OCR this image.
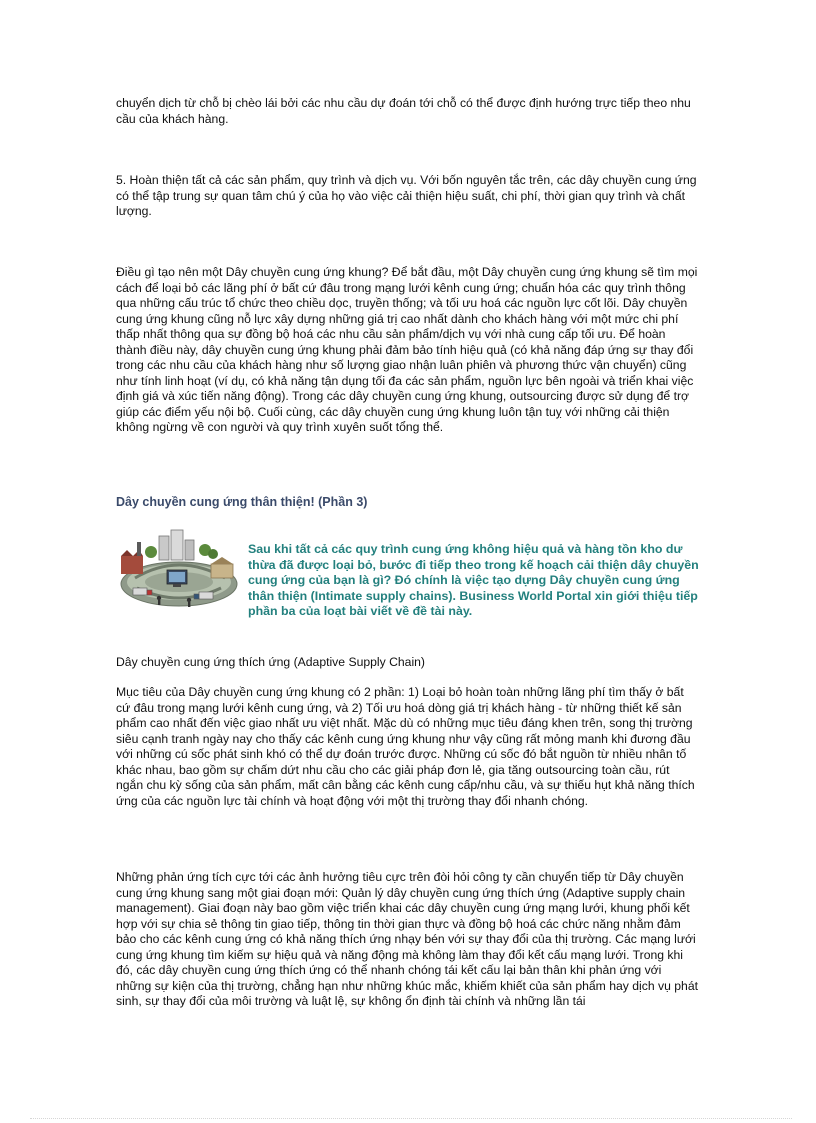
chuyển dịch từ chỗ bị chèo lái bởi các nhu cầu dự đoán tới chỗ có thể được định hướng trực tiếp theo nhu cầu của khách hàng.

5. Hoàn thiện tất cả các sản phẩm, quy trình và dịch vụ. Với bốn nguyên tắc trên, các dây chuyền cung ứng có thể tập trung sự quan tâm chú ý của họ vào việc cải thiện hiệu suất, chi phí, thời gian quy trình và chất lượng.

Điều gì tạo nên một Dây chuyền cung ứng khung? Để bắt đầu, một Dây chuyền cung ứng khung sẽ tìm mọi cách để loại bỏ các lãng phí ở bất cứ đâu trong mạng lưới kênh cung ứng; chuẩn hóa các quy trình thông qua những cấu trúc tổ chức theo chiều dọc, truyền thống; và tối ưu hoá các nguồn lực cốt lõi. Dây chuyền cung ứng khung cũng nỗ lực xây dựng những giá trị cao nhất dành cho khách hàng với một mức chi phí thấp nhất thông qua sự đồng bộ hoá các nhu cầu sản phẩm/dịch vụ với nhà cung cấp tối ưu. Để hoàn thành điều này, dây chuyền cung ứng khung phải đảm bảo tính hiệu quả (có khả năng đáp ứng sự thay đổi trong các nhu cầu của khách hàng như số lượng giao nhận luân phiên và phương thức vận chuyển) cũng như tính linh hoạt (ví dụ, có khả năng tận dụng tối đa các sản phẩm, nguồn lực bên ngoài và triển khai việc định giá và xúc tiến năng động). Trong các dây chuyền cung ứng khung, outsourcing được sử dụng để trợ giúp các điểm yếu nội bộ. Cuối cùng, các dây chuyền cung ứng khung luôn tận tuỵ với những cải thiện không ngừng về con người và quy trình xuyên suốt tổng thể.

Dây chuyền cung ứng thân thiện! (Phần 3)

Sau khi tất cả các quy trình cung ứng không hiệu quả và hàng tồn kho dư thừa đã được loại bỏ, bước đi tiếp theo trong kế hoạch cải thiện dây chuyền cung ứng của bạn là gì? Đó chính là việc tạo dựng Dây chuyền cung ứng thân thiện (Intimate supply chains). Business World Portal xin giới thiệu tiếp phần ba của loạt bài viết về đề tài này.

Dây chuyền cung ứng thích ứng (Adaptive Supply Chain)

Mục tiêu của Dây chuyền cung ứng khung có 2 phần: 1) Loại bỏ hoàn toàn những lãng phí tìm thấy ở bất cứ đâu trong mạng lưới kênh cung ứng, và 2) Tối ưu hoá dòng giá trị khách hàng - từ những thiết kế sản phẩm cao nhất đến việc giao nhất ưu việt nhất. Mặc dù có những mục tiêu đáng khen trên, song thị trường siêu cạnh tranh ngày nay cho thấy các kênh cung ứng khung như vậy cũng rất mỏng manh khi đương đầu với những cú sốc phát sinh khó có thể dự đoán trước được. Những cú sốc đó bắt nguồn từ nhiều nhân tố khác nhau, bao gồm sự chấm dứt nhu cầu cho các giải pháp đơn lẻ, gia tăng outsourcing toàn cầu, rút ngắn chu kỳ sống của sản phẩm, mất cân bằng các kênh cung cấp/nhu cầu, và sự thiếu hụt khả năng thích ứng của các nguồn lực tài chính và hoạt động với một thị trường thay đổi nhanh chóng.

Những phản ứng tích cực tới các ảnh hưởng tiêu cực trên đòi hỏi công ty cần chuyển tiếp từ Dây chuyền cung ứng khung sang một giai đoạn mới: Quản lý dây chuyền cung ứng thích ứng (Adaptive supply chain management). Giai đoạn này bao gồm việc triển khai các dây chuyền cung ứng mạng lưới, khung phối kết hợp với sự chia sẻ thông tin giao tiếp, thông tin thời gian thực và đồng bộ hoá các chức năng nhằm đảm bảo cho các kênh cung ứng có khả năng thích ứng nhạy bén với sự thay đổi của thị trường. Các mạng lưới cung ứng khung tìm kiếm sự hiệu quả và năng động mà không làm thay đổi kết cấu mạng lưới. Trong khi đó, các dây chuyền cung ứng thích ứng có thể nhanh chóng tái kết cấu lại bản thân khi phản ứng với những sự kiện của thị trường, chẳng hạn như những khúc mắc, khiếm khiết của sản phẩm hay dịch vụ phát sinh, sự thay đổi của môi trường và luật lệ, sự không ổn định tài chính và những lần tái
